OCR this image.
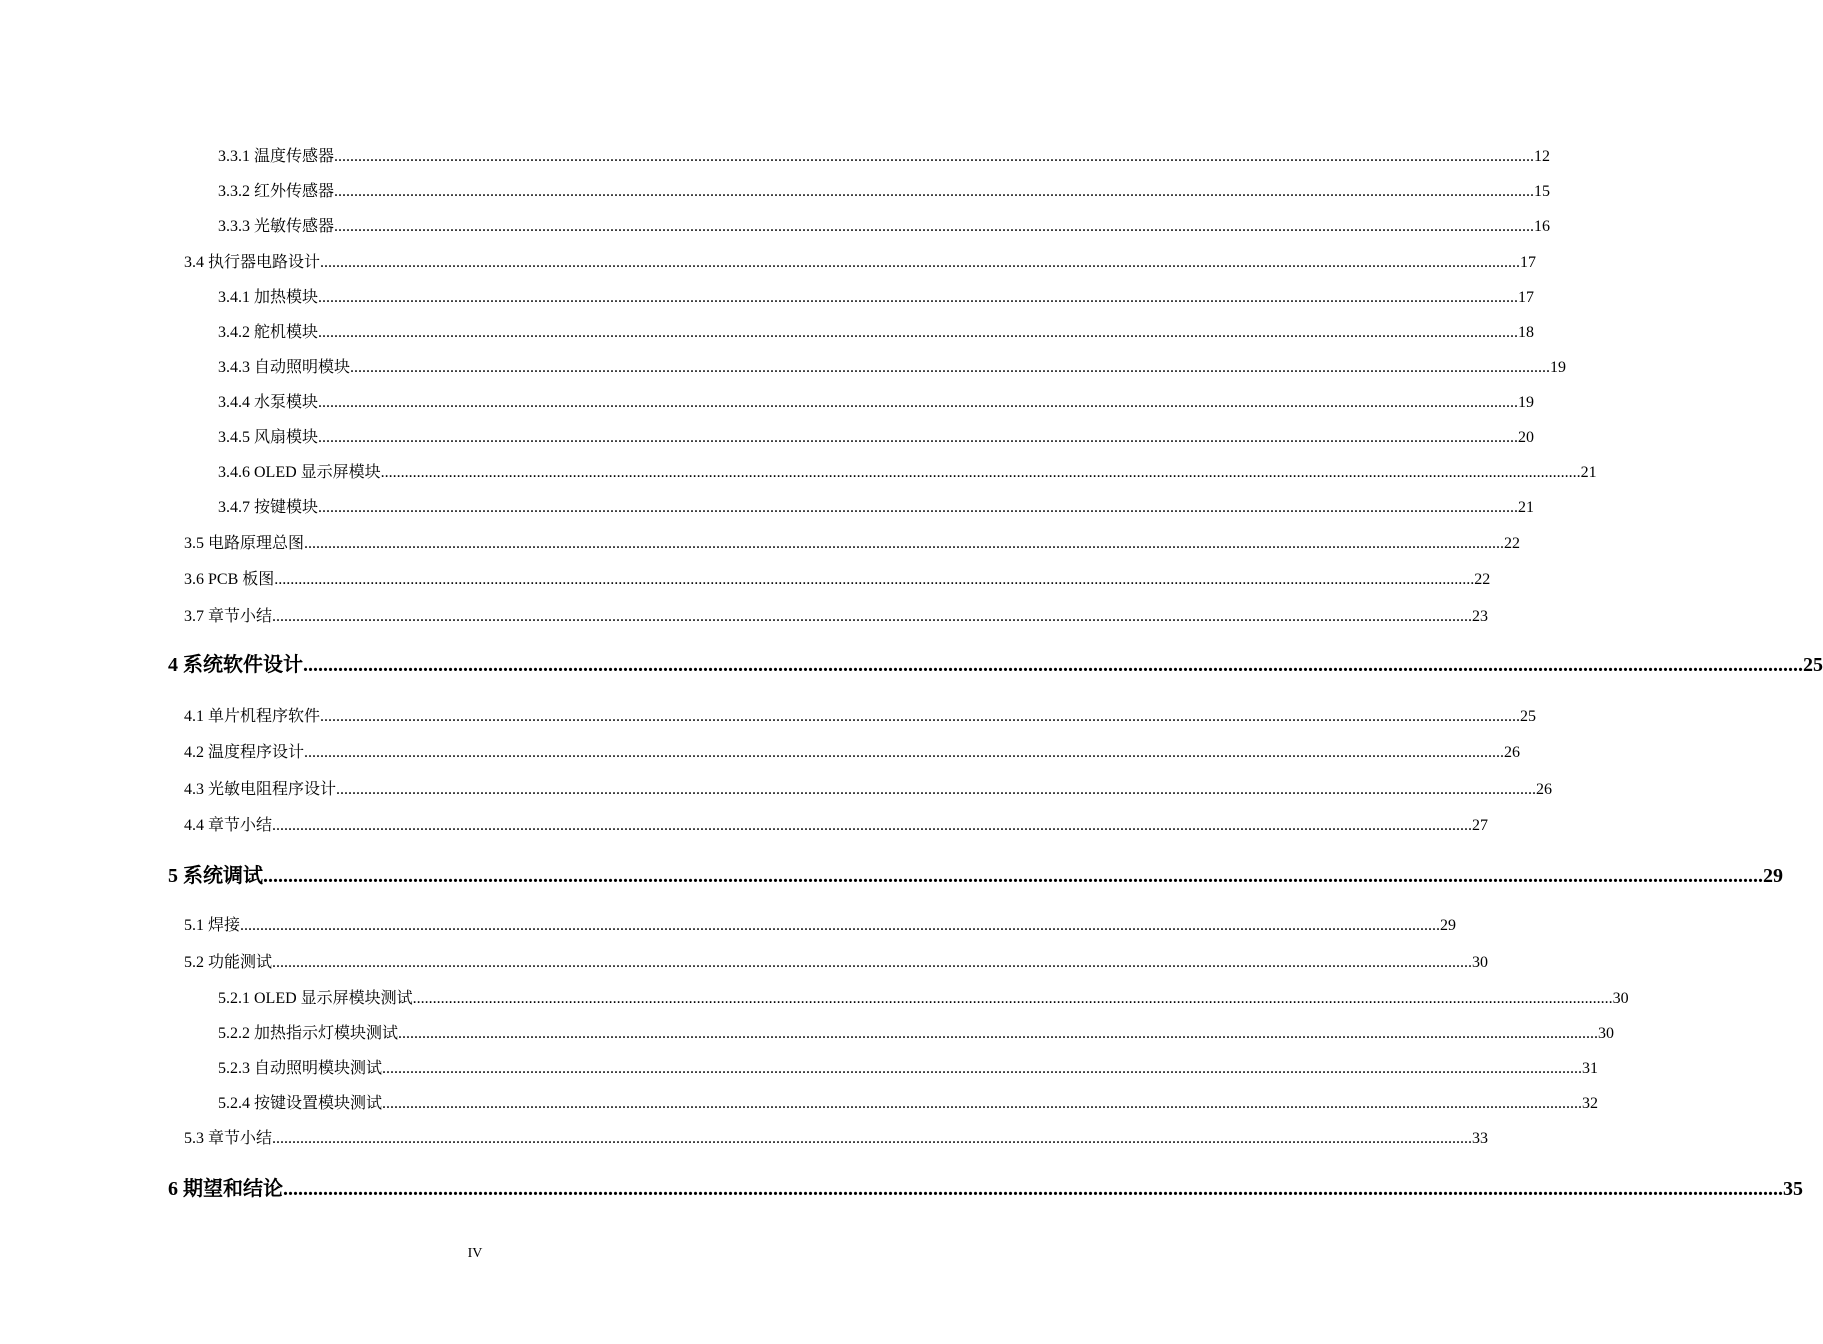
3.3.1 温度传感器 ............................................................................................................................................................................................................................................................................................................ 12
3.3.2 红外传感器 ............................................................................................................................................................................................................................................................................................................ 15
3.3.3 光敏传感器 ............................................................................................................................................................................................................................................................................................................ 16
3.4 执行器电路设计 ............................................................................................................................................................................................................................................................................................................ 17
3.4.1 加热模块 ............................................................................................................................................................................................................................................................................................................ 17
3.4.2 舵机模块 ............................................................................................................................................................................................................................................................................................................ 18
3.4.3 自动照明模块 ............................................................................................................................................................................................................................................................................................................ 19
3.4.4 水泵模块 ............................................................................................................................................................................................................................................................................................................ 19
3.4.5 风扇模块 ............................................................................................................................................................................................................................................................................................................ 20
3.4.6 OLED 显示屏模块 ............................................................................................................................................................................................................................................................................................................ 21
3.4.7 按键模块 ............................................................................................................................................................................................................................................................................................................ 21
3.5 电路原理总图 ............................................................................................................................................................................................................................................................................................................ 22
3.6 PCB 板图 ............................................................................................................................................................................................................................................................................................................ 22
3.7 章节小结 ............................................................................................................................................................................................................................................................................................................ 23
4 系统软件设计 ............................................................................................................................................................................................................................................................................................................ 25
4.1 单片机程序软件 ............................................................................................................................................................................................................................................................................................................ 25
4.2 温度程序设计 ............................................................................................................................................................................................................................................................................................................ 26
4.3 光敏电阻程序设计 ............................................................................................................................................................................................................................................................................................................ 26
4.4 章节小结 ............................................................................................................................................................................................................................................................................................................ 27
5 系统调试 ............................................................................................................................................................................................................................................................................................................ 29
5.1 焊接 ............................................................................................................................................................................................................................................................................................................ 29
5.2 功能测试 ............................................................................................................................................................................................................................................................................................................ 30
5.2.1 OLED 显示屏模块测试 ............................................................................................................................................................................................................................................................................................................ 30
5.2.2 加热指示灯模块测试 ............................................................................................................................................................................................................................................................................................................ 30
5.2.3 自动照明模块测试 ............................................................................................................................................................................................................................................................................................................ 31
5.2.4 按键设置模块测试 ............................................................................................................................................................................................................................................................................................................ 32
5.3 章节小结 ............................................................................................................................................................................................................................................................................................................ 33
6 期望和结论 ............................................................................................................................................................................................................................................................................................................ 35
IV
